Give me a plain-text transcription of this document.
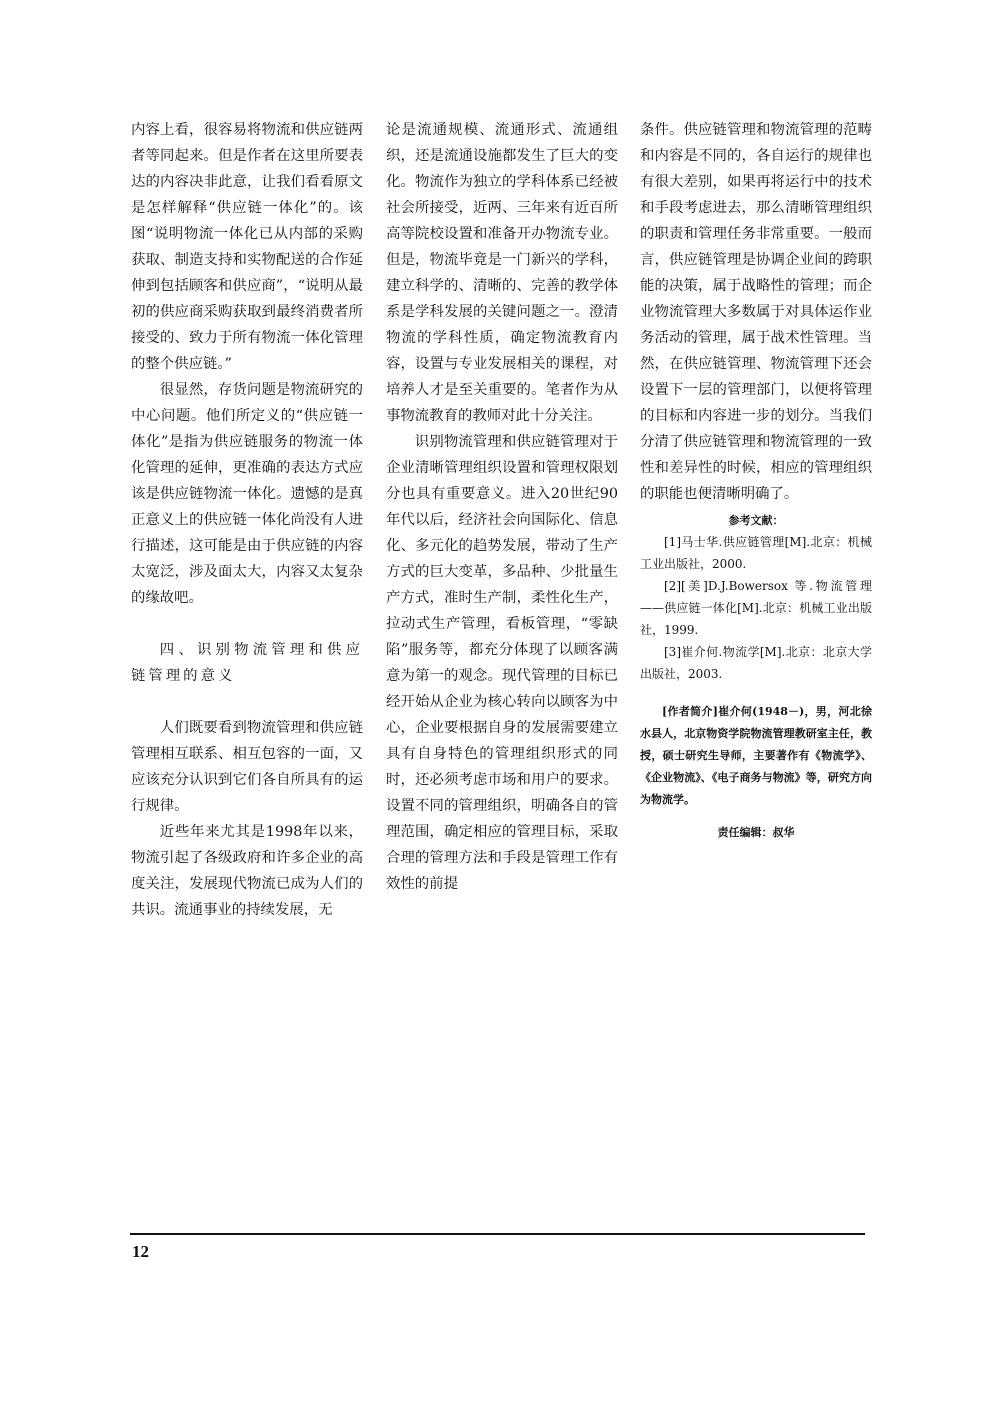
内容上看，很容易将物流和供应链两者等同起来。但是作者在这里所要表达的内容决非此意，让我们看看原文是怎样解释“供应链一体化”的。该图“说明物流一体化已从内部的采购获取、制造支持和实物配送的合作延伸到包括顾客和供应商”，“说明从最初的供应商采购获取到最终消费者所接受的、致力于所有物流一体化管理的整个供应链。”

很显然，存货问题是物流研究的中心问题。他们所定义的“供应链一体化”是指为供应链服务的物流一体化管理的延伸，更准确的表达方式应该是供应链物流一体化。遗憾的是真正意义上的供应链一体化尚没有人进行描述，这可能是由于供应链的内容太宽泛，涉及面太大，内容又太复杂的缘故吧。

四、识别物流管理和供应链管理的意义

人们既要看到物流管理和供应链管理相互联系、相互包容的一面，又应该充分认识到它们各自所具有的运行规律。

近些年来尤其是1998年以来，物流引起了各级政府和许多企业的高度关注，发展现代物流已成为人们的共识。流通事业的持续发展，无

论是流通规模、流通形式、流通组织，还是流通设施都发生了巨大的变化。物流作为独立的学科体系已经被社会所接受，近两、三年来有近百所高等院校设置和准备开办物流专业。但是，物流毕竟是一门新兴的学科，建立科学的、清晰的、完善的教学体系是学科发展的关键问题之一。澄清物流的学科性质，确定物流教育内容，设置与专业发展相关的课程，对培养人才是至关重要的。笔者作为从事物流教育的教师对此十分关注。

识别物流管理和供应链管理对于企业清晰管理组织设置和管理权限划分也具有重要意义。进入20世纪90年代以后，经济社会向国际化、信息化、多元化的趋势发展，带动了生产方式的巨大变革，多品种、少批量生产方式，准时生产制，柔性化生产，拉动式生产管理，看板管理，“零缺陷”服务等，都充分体现了以顾客满意为第一的观念。现代管理的目标已经开始从企业为核心转向以顾客为中心，企业要根据自身的发展需要建立具有自身特色的管理组织形式的同时，还必须考虑市场和用户的要求。设置不同的管理组织，明确各自的管理范围，确定相应的管理目标，采取合理的管理方法和手段是管理工作有效性的前提

条件。供应链管理和物流管理的范畴和内容是不同的，各自运行的规律也有很大差别，如果再将运行中的技术和手段考虑进去，那么清晰管理组织的职责和管理任务非常重要。一般而言，供应链管理是协调企业间的跨职能的决策，属于战略性的管理；而企业物流管理大多数属于对具体运作业务活动的管理，属于战术性管理。当然，在供应链管理、物流管理下还会设置下一层的管理部门，以便将管理的目标和内容进一步的划分。当我们分清了供应链管理和物流管理的一致性和差异性的时候，相应的管理组织的职能也便清晰明确了。

参考文献：

[1]马士华.供应链管理[M].北京：机械工业出版社，2000.

[2][美]D.J.Bowersox 等.物流管理——供应链一体化[M].北京：机械工业出版社，1999.

[3]崔介何.物流学[M].北京：北京大学出版社，2003.

[作者简介]崔介何(1948－)，男，河北徐水县人，北京物资学院物流管理教研室主任，教授，硕士研究生导师，主要著作有《物流学》、《企业物流》、《电子商务与物流》等，研究方向为物流学。

责任编辑：叔华

12
